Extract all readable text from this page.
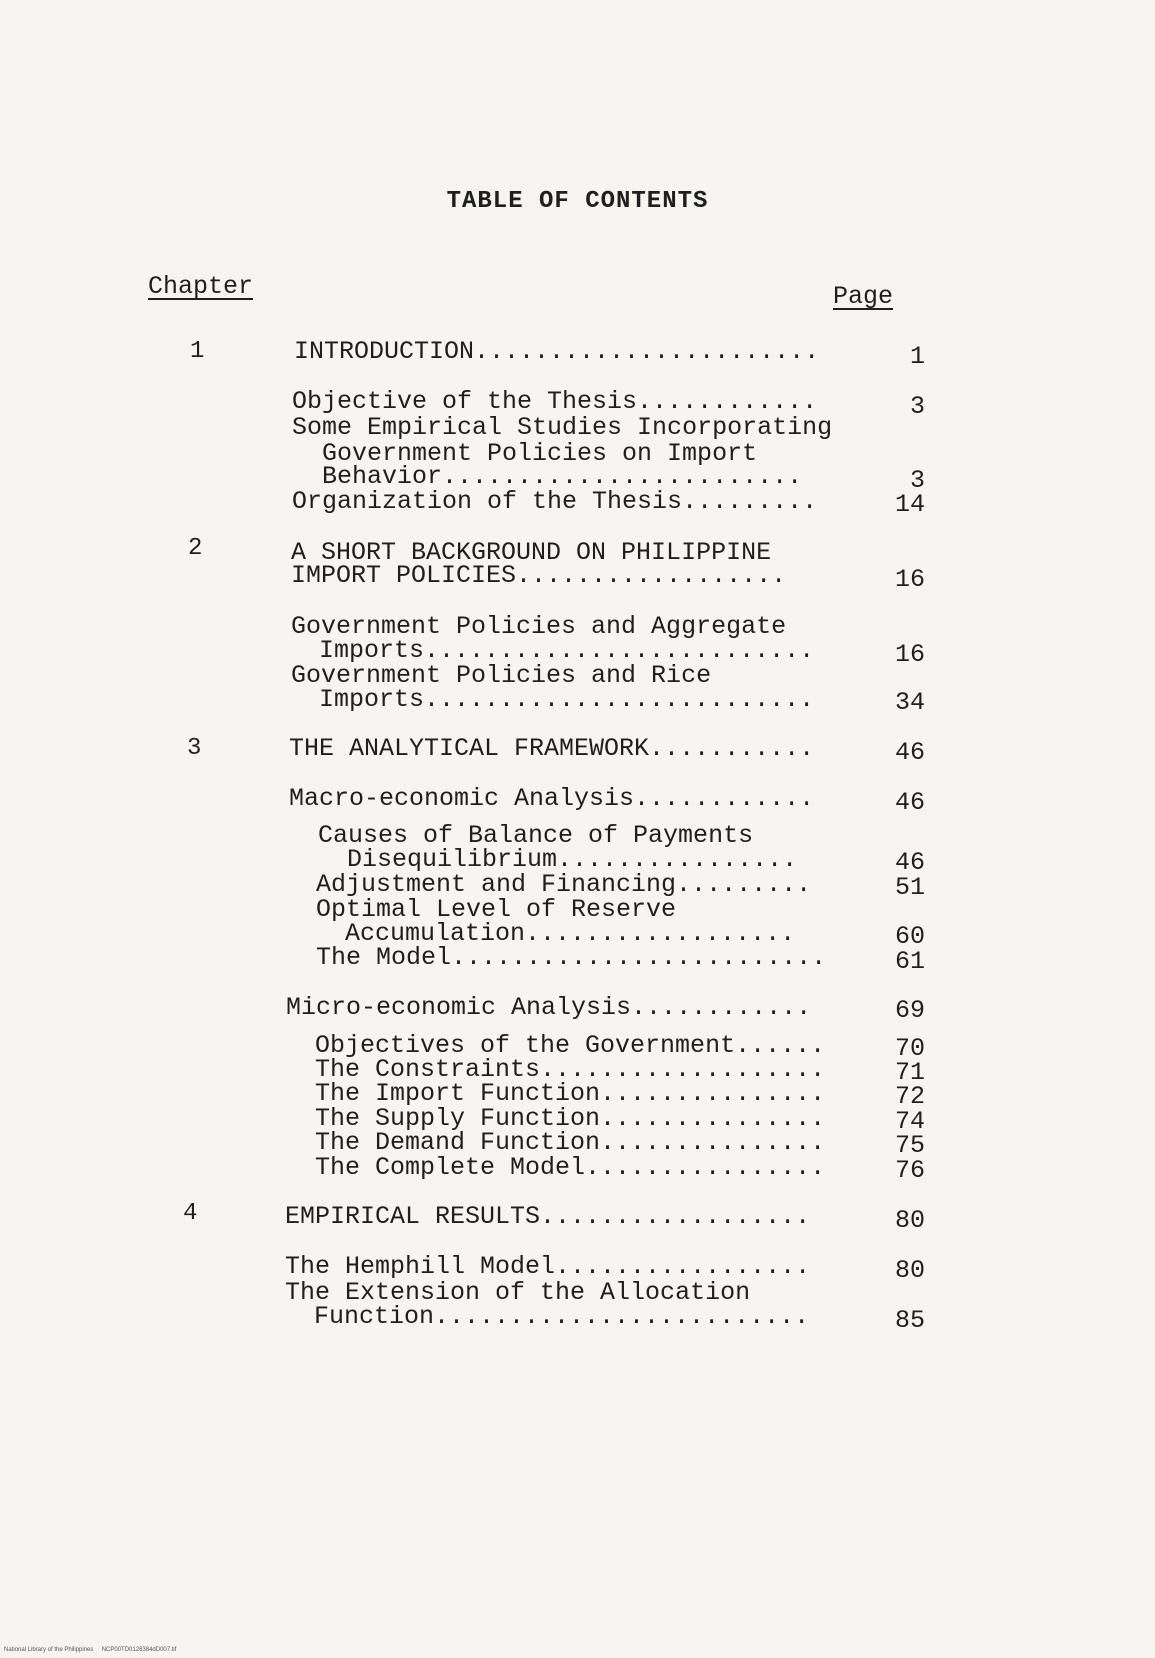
TABLE OF CONTENTS
Chapter	Page
1	INTRODUCTION.......................	1
Objective of the Thesis............	3
Some Empirical Studies Incorporating
Government Policies on Import
Behavior........................	3
Organization of the Thesis.........	14
2	A SHORT BACKGROUND ON PHILIPPINE
IMPORT POLICIES..................	16
Government Policies and Aggregate
Imports..........................	16
Government Policies and Rice
Imports..........................	34
3	THE ANALYTICAL FRAMEWORK...........	46
Macro-economic Analysis............	46
Causes of Balance of Payments
Disequilibrium................	46
Adjustment and Financing.........	51
Optimal Level of Reserve
Accumulation..................	60
The Model.........................	61
Micro-economic Analysis............	69
Objectives of the Government......	70
The Constraints...................	71
The Import Function...............	72
The Supply Function...............	74
The Demand Function...............	75
The Complete Model................	76
4	EMPIRICAL RESULTS..................	80
The Hemphill Model.................	80
The Extension of the Allocation
Function.........................	85
National Library of the Philippines     NCP00TD0126384dD007.tif
